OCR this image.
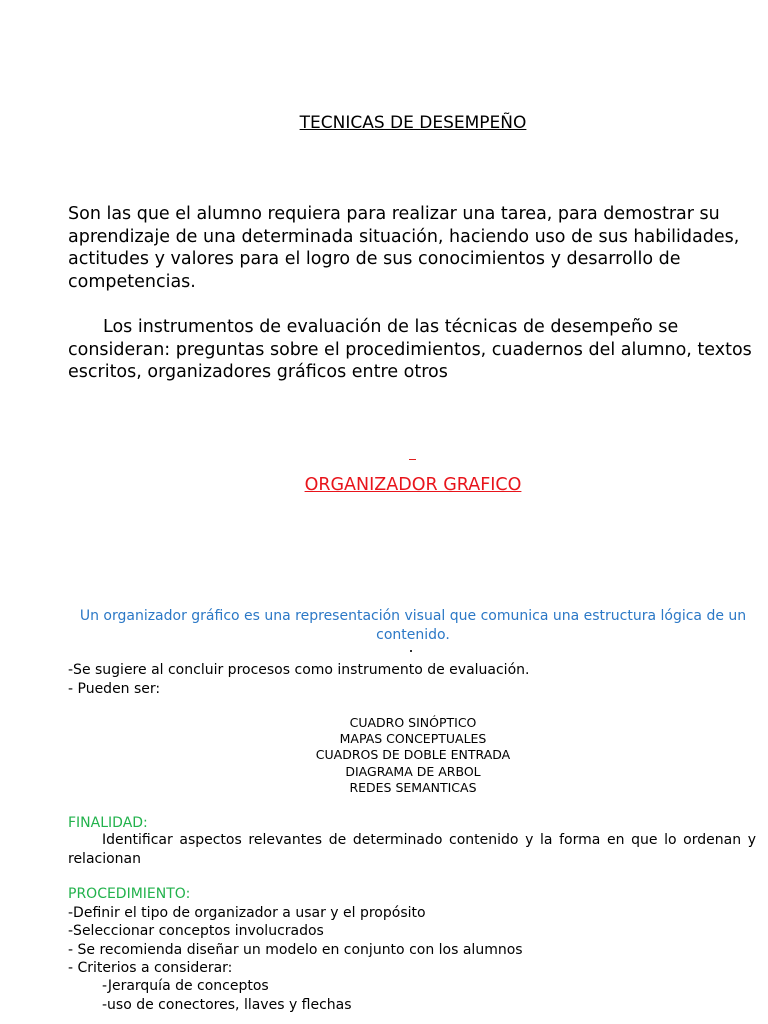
TECNICAS DE DESEMPEÑO
Son las que el alumno requiera para realizar una tarea, para demostrar su aprendizaje de una determinada situación, haciendo uso de sus habilidades, actitudes y valores para el logro de sus conocimientos y desarrollo de competencias.
Los instrumentos de evaluación de las técnicas de desempeño se consideran: preguntas sobre el procedimientos, cuadernos del alumno, textos escritos, organizadores gráficos entre otros
ORGANIZADOR GRAFICO
Un organizador gráfico es una representación visual que comunica una estructura lógica de un contenido.
-Se sugiere al concluir procesos como instrumento de evaluación.
- Pueden ser:
CUADRO SINÓPTICO
MAPAS CONCEPTUALES
CUADROS DE DOBLE ENTRADA
DIAGRAMA DE ARBOL
REDES SEMANTICAS
FINALIDAD:
Identificar aspectos relevantes de determinado contenido y la forma en que lo ordenan y relacionan
PROCEDIMIENTO:
-Definir el tipo de organizador a usar y el propósito
-Seleccionar conceptos involucrados
- Se recomienda diseñar un modelo en conjunto con los alumnos
- Criterios a considerar:
-Jerarquía de conceptos
-uso de conectores, llaves y flechas
